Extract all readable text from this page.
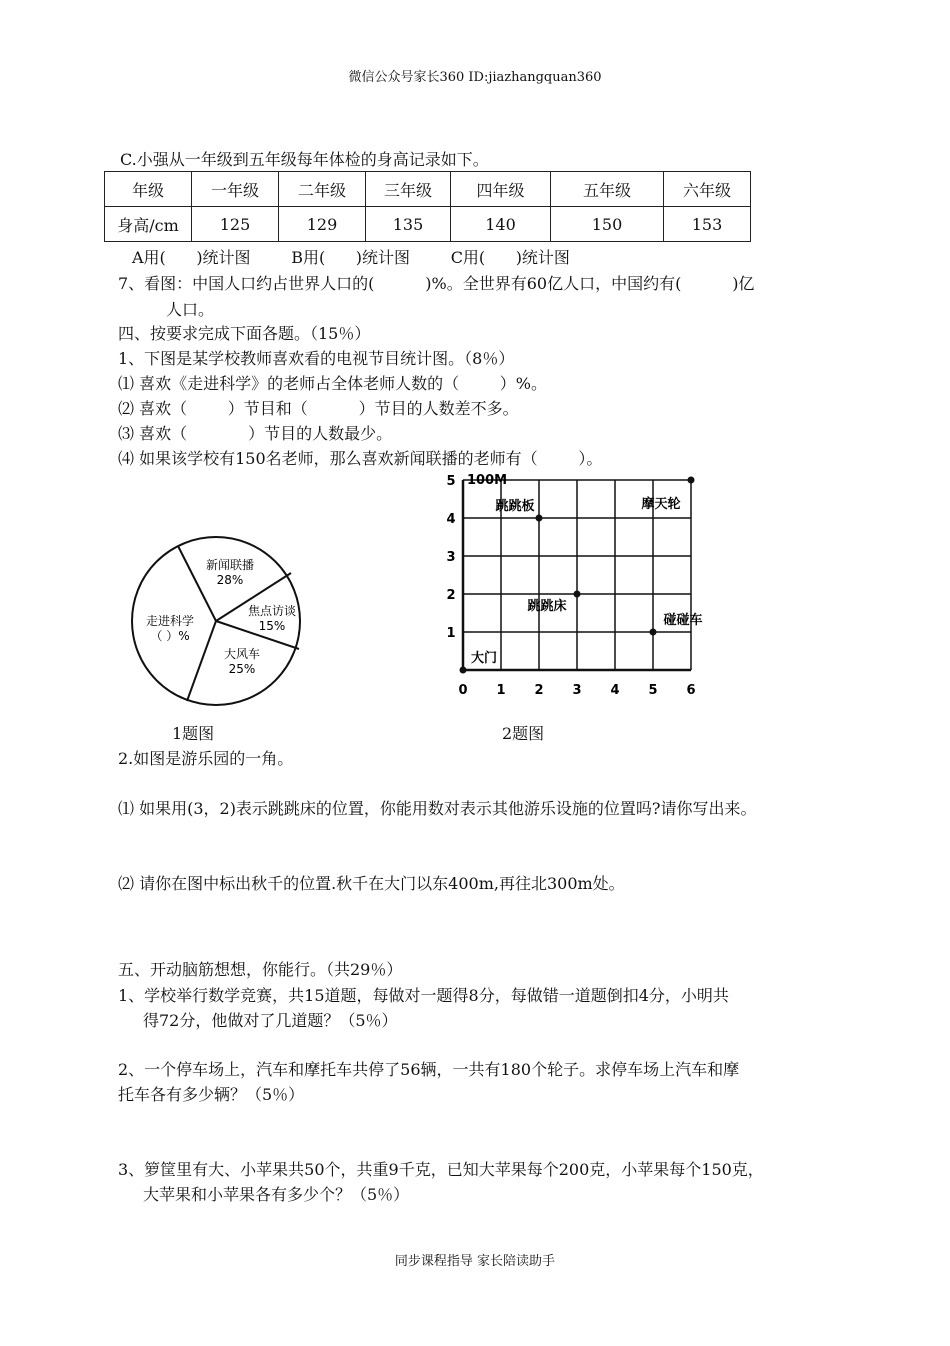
微信公众号家长360 ID:jiazhangquan360
C.小强从一年级到五年级每年体检的身高记录如下。
年级	一年级	二年级	三年级	四年级	五年级	六年级
身高/cm	125	129	135	140	150	153
A用(      )统计图        B用(      )统计图        C用(      )统计图
7、看图：中国人口约占世界人口的(          )%。全世界有60亿人口，中国约有(          )亿
人口。
四、按要求完成下面各题。（15％）
1、下图是某学校教师喜欢看的电视节目统计图。（8％）
⑴ 喜欢《走进科学》的老师占全体老师人数的（        ）%。
⑵ 喜欢（        ）节目和（          ）节目的人数差不多。
⑶ 喜欢（            ）节目的人数最少。
⑷ 如果该学校有150名老师，那么喜欢新闻联播的老师有（        ）。
新闻联播
28%
焦点访谈
15%
大风车
25%
走进科学
（ ）%
1题图
0 1 2 3 4 5 6
1
2
3
4
5
大门
跳跳板	摩天轮
跳跳床
碰碰车
100M
2题图
2.如图是游乐园的一角。
⑴ 如果用(3，2)表示跳跳床的位置，你能用数对表示其他游乐设施的位置吗?请你写出来。
⑵ 请你在图中标出秋千的位置.秋千在大门以东400m,再往北300m处。
五、开动脑筋想想，你能行。（共29％）
1、学校举行数学竞赛，共15道题，每做对一题得8分，每做错一道题倒扣4分，小明共
得72分，他做对了几道题？（5％）
2、一个停车场上，汽车和摩托车共停了56辆，一共有180个轮子。求停车场上汽车和摩
托车各有多少辆？（5％）
3、箩筐里有大、小苹果共50个，共重9千克，已知大苹果每个200克，小苹果每个150克，
大苹果和小苹果各有多少个？（5％）
同步课程指导 家长陪读助手
